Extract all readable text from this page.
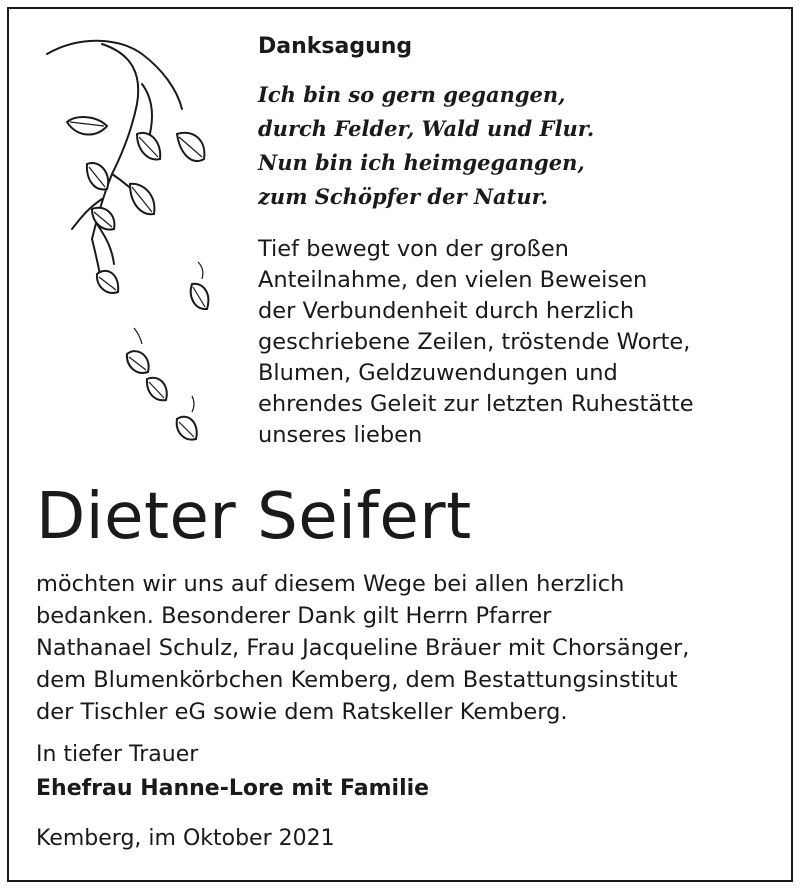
Danksagung
Ich bin so gern gegangen,
durch Felder, Wald und Flur.
Nun bin ich heimgegangen,
zum Schöpfer der Natur.
Tief bewegt von der großen
Anteilnahme, den vielen Beweisen
der Verbundenheit durch herzlich
geschriebene Zeilen, tröstende Worte,
Blumen, Geldzuwendungen und
ehrendes Geleit zur letzten Ruhestätte
unseres lieben
Dieter Seifert
möchten wir uns auf diesem Wege bei allen herzlich
bedanken. Besonderer Dank gilt Herrn Pfarrer
Nathanael Schulz, Frau Jacqueline Bräuer mit Chorsänger,
dem Blumenkörbchen Kemberg, dem Bestattungsinstitut
der Tischler eG sowie dem Ratskeller Kemberg.
In tiefer Trauer
Ehefrau Hanne-Lore mit Familie
Kemberg, im Oktober 2021
